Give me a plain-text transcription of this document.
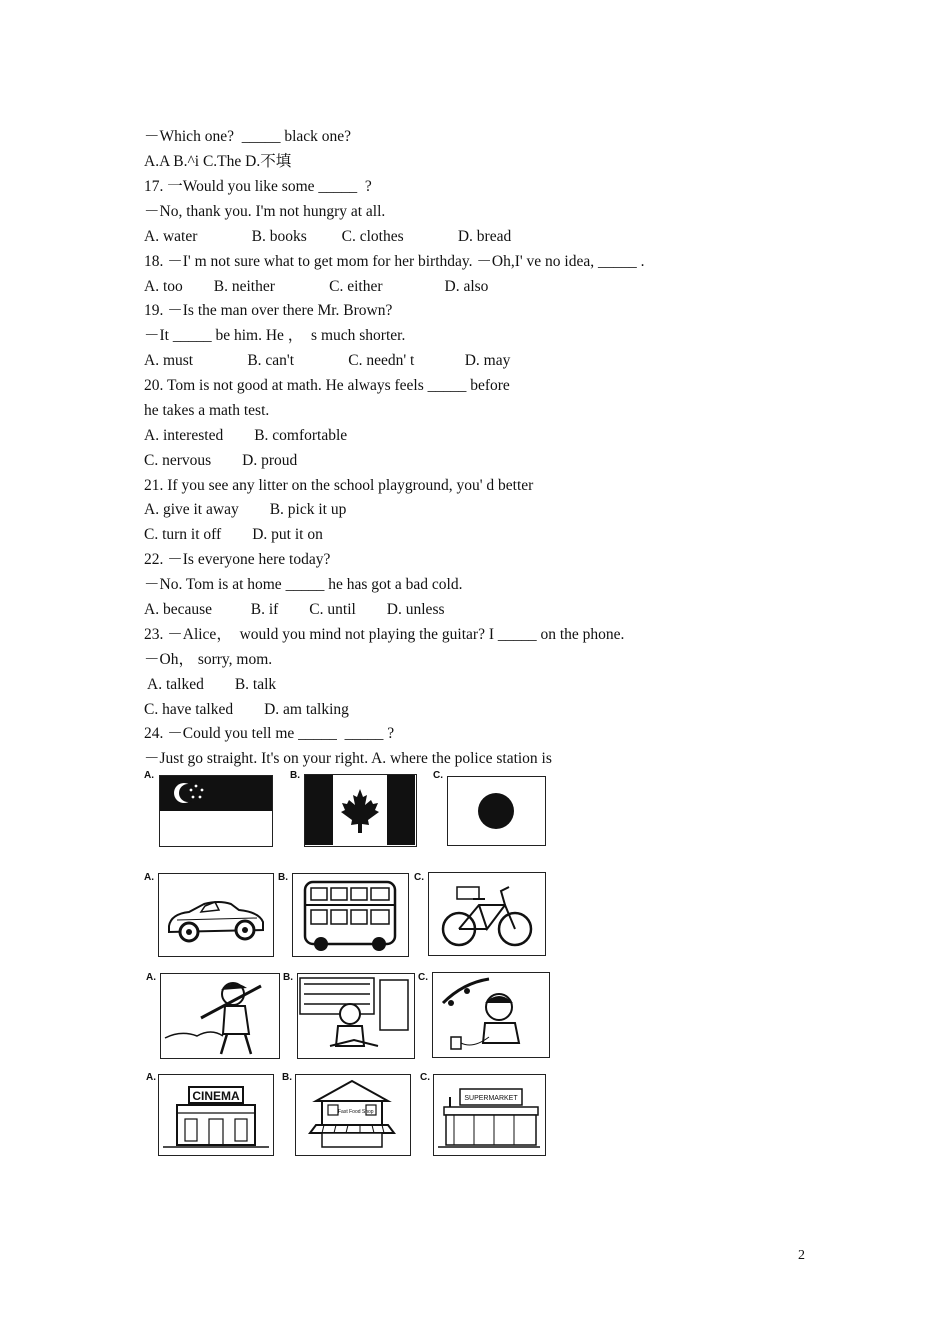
－Which one?  _____ black one?
A.A B.^i C.The D.不填
17. 一Would you like some _____  ?
－No, thank you. I'm not hungry at all.
A. water              B. books         C. clothes              D. bread
18. －I' m not sure what to get mom for her birthday. －Oh,I' ve no idea, _____ .
A. too        B. neither              C. either                D. also
19. －Is the man over there Mr. Brown?
－It _____ be him. He ，  s much shorter.
A. must              B. can't              C. needn' t             D. may
20. Tom is not good at math. He always feels _____ before
he takes a math test.
A. interested        B. comfortable
C. nervous        D. proud
21. If you see any litter on the school playground, you' d better
A. give it away        B. pick it up
C. turn it off        D. put it on
22. －Is everyone here today?
－No. Tom is at home _____ he has got a bad cold.
A. because          B. if        C. until        D. unless
23. －Alice，  would you mind not playing the guitar? I _____ on the phone.
－Oh， sorry, mom.
A. talked        B. talk
C. have talked        D. am talking
24. －Could you tell me _____  _____ ?
－Just go straight. It's on your right. A. where the police station is
A.	B.	C.
A.	B.	C.
A.	B.	C.
A.
CINEMA
B.
Fast Food Shop
C.
SUPERMARKET
2
